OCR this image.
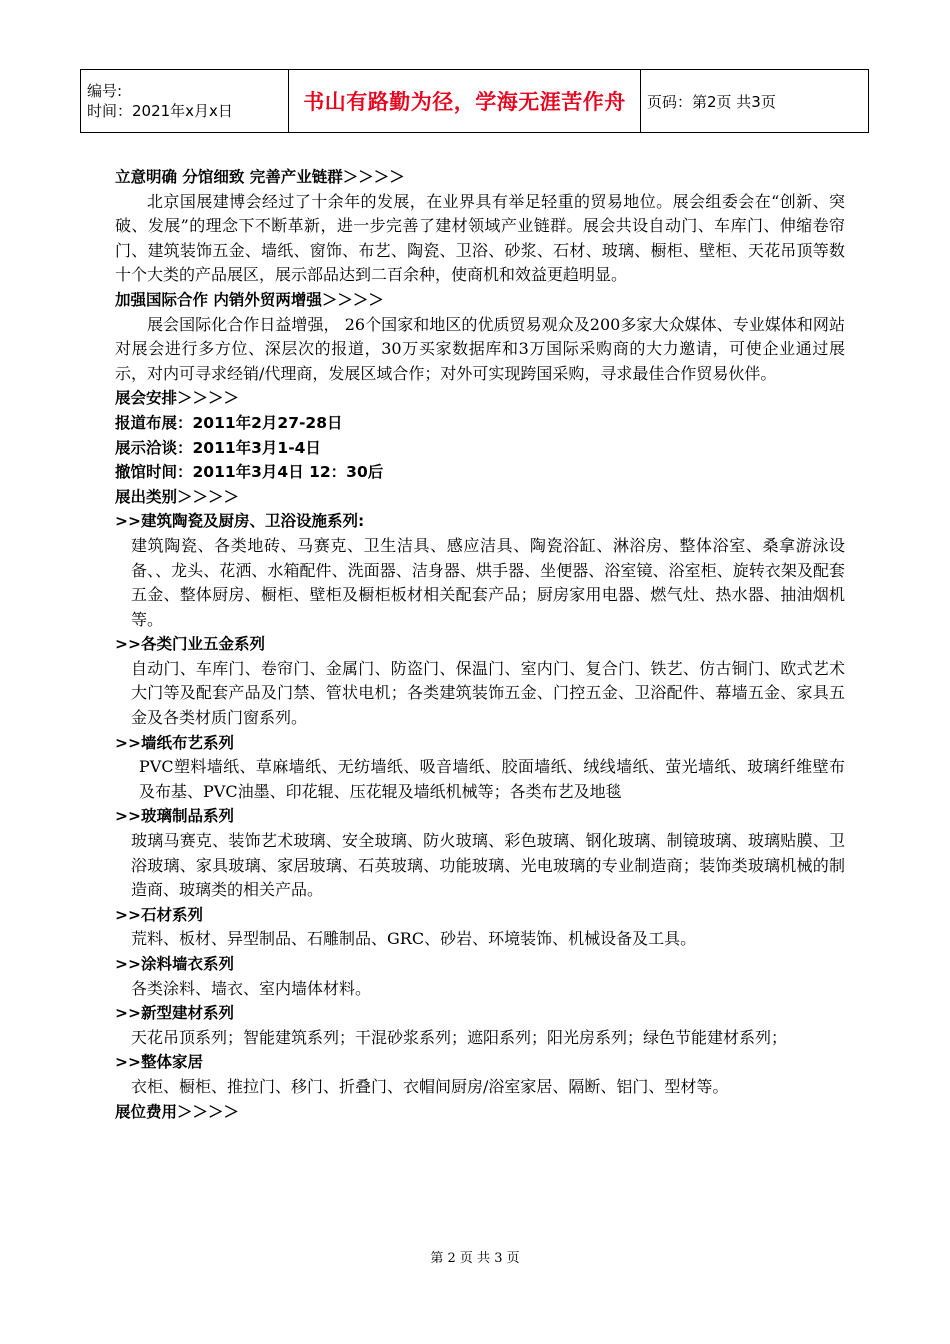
编号:
时间：2021年x月x日	书山有路勤为径，学海无涯苦作舟	页码：第2页 共3页
立意明确 分馆细致 完善产业链群＞＞＞＞
北京国展建博会经过了十余年的发展，在业界具有举足轻重的贸易地位。展会组委会在“创新、突破、发展”的理念下不断革新，进一步完善了建材领域产业链群。展会共设自动门、车库门、伸缩卷帘门、建筑装饰五金、墙纸、窗饰、布艺、陶瓷、卫浴、砂浆、石材、玻璃、橱柜、壁柜、天花吊顶等数十个大类的产品展区，展示部品达到二百余种，使商机和效益更趋明显。
加强国际合作 内销外贸两增强＞＞＞＞
展会国际化合作日益增强， 26个国家和地区的优质贸易观众及200多家大众媒体、专业媒体和网站对展会进行多方位、深层次的报道，30万买家数据库和3万国际采购商的大力邀请，可使企业通过展示，对内可寻求经销/代理商，发展区域合作；对外可实现跨国采购，寻求最佳合作贸易伙伴。
展会安排＞＞＞＞
报道布展：2011年2月27-28日
展示洽谈：2011年3月1-4日
撤馆时间：2011年3月4日 12：30后
展出类别＞＞＞＞
>>建筑陶瓷及厨房、卫浴设施系列:
建筑陶瓷、各类地砖、马赛克、卫生洁具、感应洁具、陶瓷浴缸、淋浴房、整体浴室、桑拿游泳设备、、龙头、花洒、水箱配件、洗面器、洁身器、烘手器、坐便器、浴室镜、浴室柜、旋转衣架及配套五金、整体厨房、橱柜、壁柜及橱柜板材相关配套产品；厨房家用电器、燃气灶、热水器、抽油烟机等。
>>各类门业五金系列
自动门、车库门、卷帘门、金属门、防盗门、保温门、室内门、复合门、铁艺、仿古铜门、欧式艺术大门等及配套产品及门禁、管状电机；各类建筑装饰五金、门控五金、卫浴配件、幕墙五金、家具五金及各类材质门窗系列。
>>墙纸布艺系列
PVC塑料墙纸、草麻墙纸、无纺墙纸、吸音墙纸、胶面墙纸、绒线墙纸、萤光墙纸、玻璃纤维壁布及布基、PVC油墨、印花辊、压花辊及墙纸机械等；各类布艺及地毯
>>玻璃制品系列
玻璃马赛克、装饰艺术玻璃、安全玻璃、防火玻璃、彩色玻璃、钢化玻璃、制镜玻璃、玻璃贴膜、卫浴玻璃、家具玻璃、家居玻璃、石英玻璃、功能玻璃、光电玻璃的专业制造商；装饰类玻璃机械的制造商、玻璃类的相关产品。
>>石材系列
荒料、板材、异型制品、石雕制品、GRC、砂岩、环境装饰、机械设备及工具。
>>涂料墙衣系列
各类涂料、墙衣、室内墙体材料。
>>新型建材系列
天花吊顶系列；智能建筑系列；干混砂浆系列；遮阳系列；阳光房系列；绿色节能建材系列；
>>整体家居
衣柜、橱柜、推拉门、移门、折叠门、衣帽间厨房/浴室家居、隔断、铝门、型材等。
展位费用＞＞＞＞
第 2 页 共 3 页
